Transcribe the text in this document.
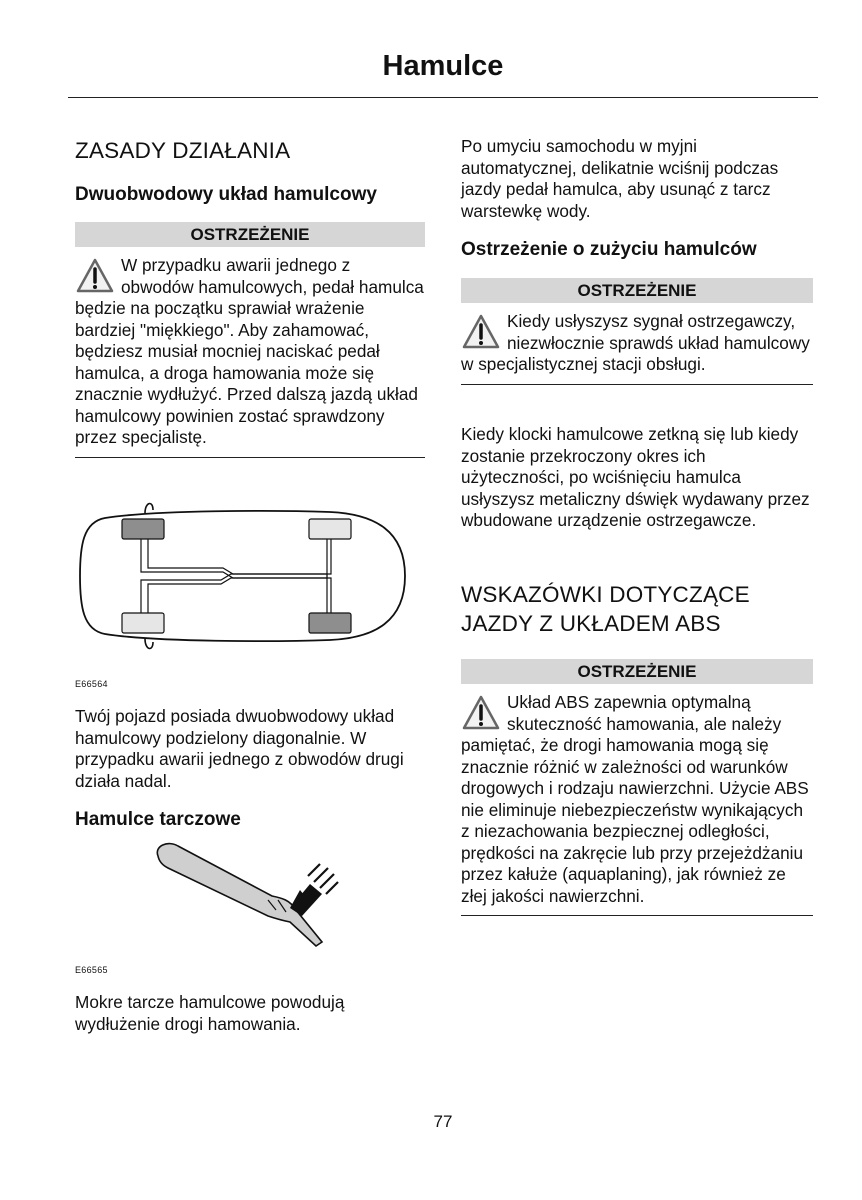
Hamulce
ZASADY DZIAŁANIA
Dwuobwodowy układ hamulcowy
OSTRZEŻENIE

W przypadku awarii jednego z obwodów hamulcowych, pedał hamulca będzie na początku sprawiał wrażenie bardziej "miękkiego". Aby zahamować, będziesz musiał mocniej naciskać pedał hamulca, a droga hamowania może się znacznie wydłużyć. Przed dalszą jazdą układ hamulcowy powinien zostać sprawdzony przez specjalistę.

E66564

Twój pojazd posiada dwuobwodowy układ hamulcowy podzielony diagonalnie. W przypadku awarii jednego z obwodów drugi działa nadal.

Hamulce tarczowe
E66565

Mokre tarcze hamulcowe powodują wydłużenie drogi hamowania.

Po umyciu samochodu w myjni automatycznej, delikatnie wciśnij podczas jazdy pedał hamulca, aby usunąć z tarcz warstewkę wody.

Ostrzeżenie o zużyciu hamulców
OSTRZEŻENIE

Kiedy usłyszysz sygnał ostrzegawczy, niezwłocznie sprawdś układ hamulcowy w specjalistycznej stacji obsługi.

Kiedy klocki hamulcowe zetkną się lub kiedy zostanie przekroczony okres ich użyteczności, po wciśnięciu hamulca usłyszysz metaliczny dświęk wydawany przez wbudowane urządzenie ostrzegawcze.

WSKAZÓWKI DOTYCZĄCE JAZDY Z UKŁADEM ABS
OSTRZEŻENIE

Układ ABS zapewnia optymalną skuteczność hamowania, ale należy pamiętać, że drogi hamowania mogą się znacznie różnić w zależności od warunków drogowych i rodzaju nawierzchni. Użycie ABS nie eliminuje niebezpieczeństw wynikających z niezachowania bezpiecznej odległości, prędkości na zakręcie lub przy przejeżdżaniu przez kałuże (aquaplaning), jak również ze złej jakości nawierzchni.

77
